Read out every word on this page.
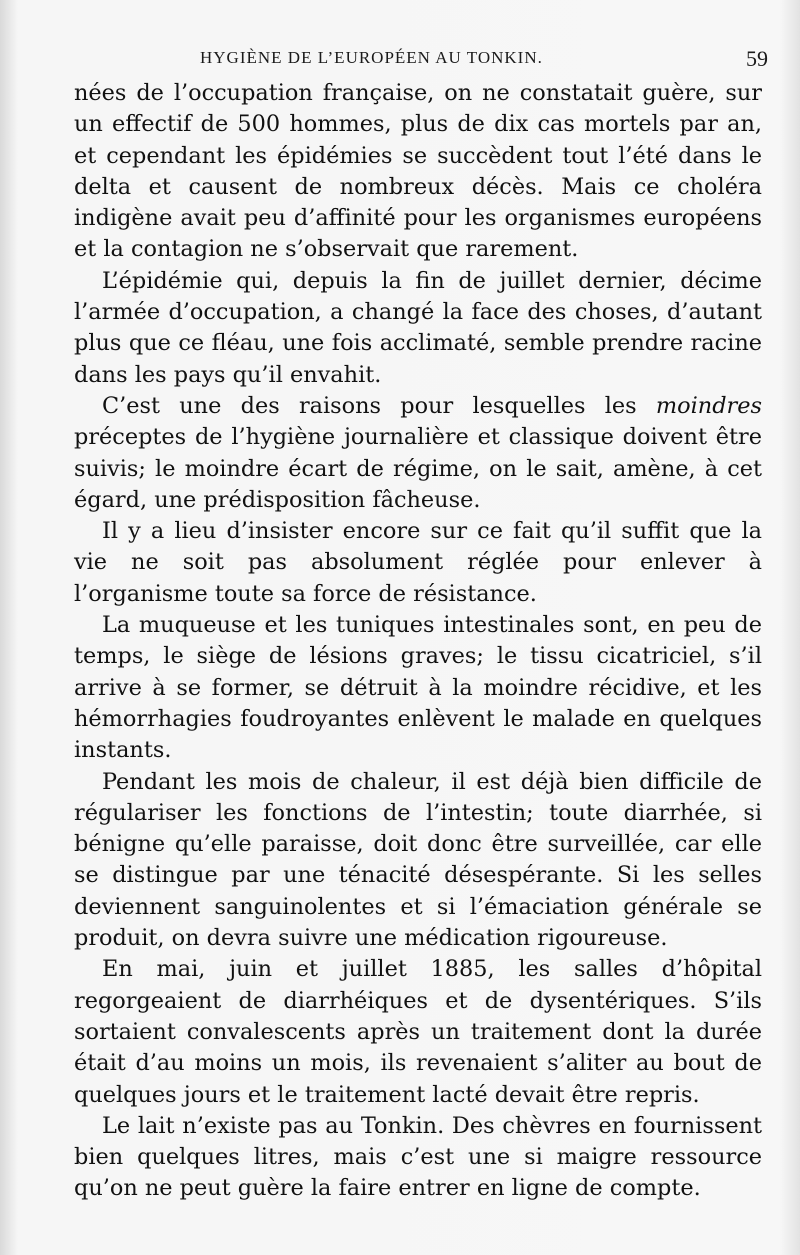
HYGIÈNE DE L’EUROPÉEN AU TONKIN.	59

nées de l’occupation française, on ne constatait guère, sur un effectif de 500 hommes, plus de dix cas mortels par an, et cependant les épidémies se succèdent tout l’été dans le delta et causent de nombreux décès. Mais ce choléra indigène avait peu d’affinité pour les organismes européens et la contagion ne s’observait que rarement.

L’épidémie qui, depuis la fin de juillet dernier, décime l’armée d’occupation, a changé la face des choses, d’autant plus que ce fléau, une fois acclimaté, semble prendre racine dans les pays qu’il envahit.

C’est une des raisons pour lesquelles les moindres préceptes de l’hygiène journalière et classique doivent être suivis; le moindre écart de régime, on le sait, amène, à cet égard, une prédisposition fâcheuse.

Il y a lieu d’insister encore sur ce fait qu’il suffit que la vie ne soit pas absolument réglée pour enlever à l’organisme toute sa force de résistance.

La muqueuse et les tuniques intestinales sont, en peu de temps, le siège de lésions graves; le tissu cicatriciel, s’il arrive à se former, se détruit à la moindre récidive, et les hémorrhagies foudroyantes enlèvent le malade en quelques instants.

Pendant les mois de chaleur, il est déjà bien difficile de régulariser les fonctions de l’intestin; toute diarrhée, si bénigne qu’elle paraisse, doit donc être surveillée, car elle se distingue par une ténacité désespérante. Si les selles deviennent sanguinolentes et si l’émaciation générale se produit, on devra suivre une médication rigoureuse.

En mai, juin et juillet 1885, les salles d’hôpital regorgeaient de diarrhéiques et de dysentériques. S’ils sortaient convalescents après un traitement dont la durée était d’au moins un mois, ils revenaient s’aliter au bout de quelques jours et le traitement lacté devait être repris.

Le lait n’existe pas au Tonkin. Des chèvres en fournissent bien quelques litres, mais c’est une si maigre ressource qu’on ne peut guère la faire entrer en ligne de compte.
